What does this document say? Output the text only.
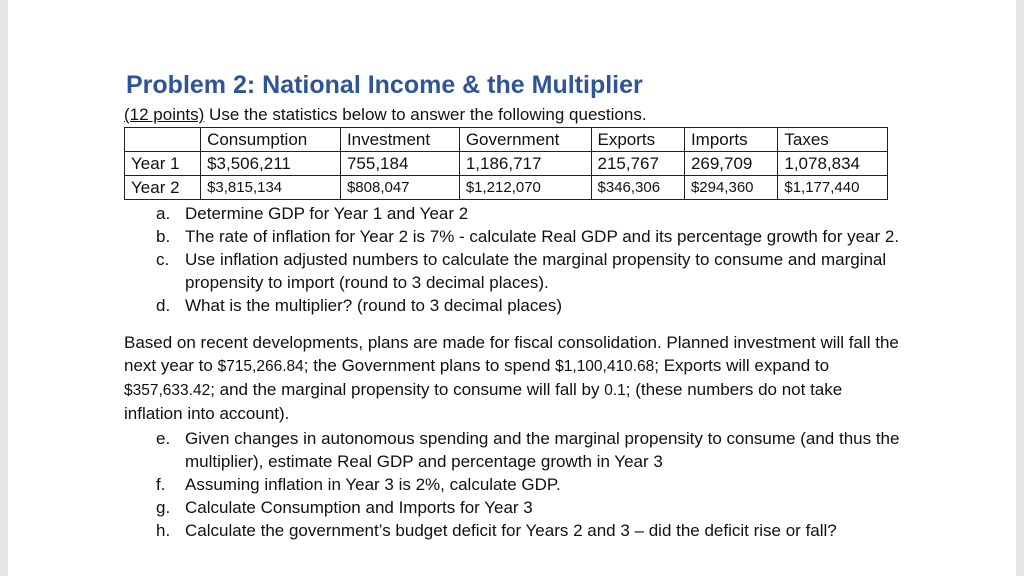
Problem 2: National Income & the Multiplier

(12 points) Use the statistics below to answer the following questions.

	Consumption	Investment	Government	Exports	Imports	Taxes
Year 1	$3,506,211	755,184	1,186,717	215,767	269,709	1,078,834
Year 2	$3,815,134	$808,047	$1,212,070	$346,306	$294,360	$1,177,440
a. Determine GDP for Year 1 and Year 2
b. The rate of inflation for Year 2 is 7% - calculate Real GDP and its percentage growth for year 2.
c. Use inflation adjusted numbers to calculate the marginal propensity to consume and marginal propensity to import (round to 3 decimal places).
d. What is the multiplier? (round to 3 decimal places)

Based on recent developments, plans are made for fiscal consolidation. Planned investment will fall the next year to $715,266.84; the Government plans to spend $1,100,410.68; Exports will expand to $357,633.42; and the marginal propensity to consume will fall by 0.1; (these numbers do not take inflation into account).

e. Given changes in autonomous spending and the marginal propensity to consume (and thus the multiplier), estimate Real GDP and percentage growth in Year 3
f. Assuming inflation in Year 3 is 2%, calculate GDP.
g. Calculate Consumption and Imports for Year 3
h. Calculate the government’s budget deficit for Years 2 and 3 – did the deficit rise or fall?
